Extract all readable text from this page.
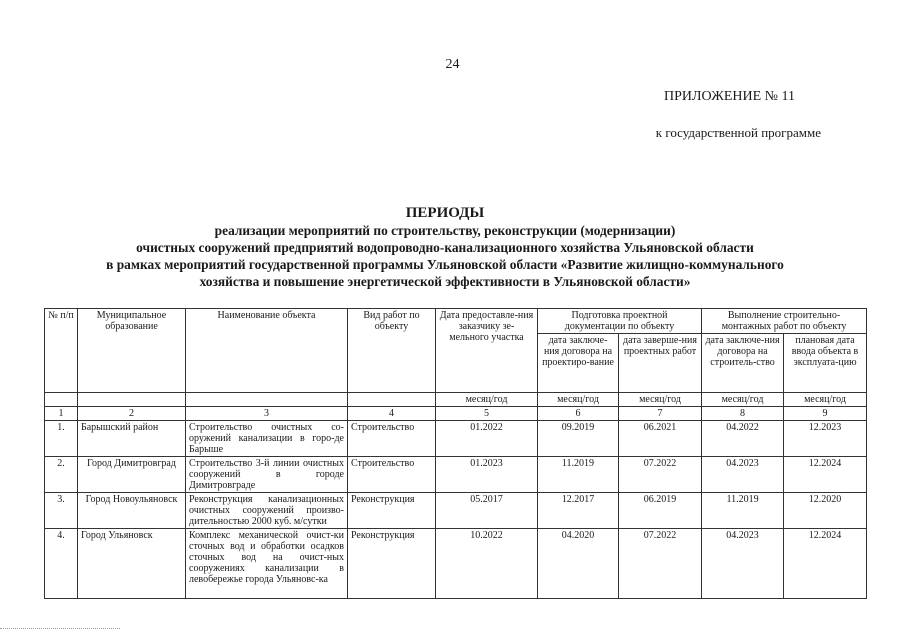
24
ПРИЛОЖЕНИЕ № 11
к государственной программе
ПЕРИОДЫ
реализации мероприятий по строительству, реконструкции (модернизации)
очистных сооружений предприятий водопроводно-канализационного хозяйства Ульяновской области
в рамках мероприятий государственной программы Ульяновской области «Развитие жилищно-коммунального
хозяйства и повышение энергетической эффективности в Ульяновской области»
№ п/п	Муниципальное образование	Наименование объекта	Вид работ по объекту	Дата предоставле-ния заказчику зе-мельного участка	Подготовка проектной документации по объекту		Выполнение строительно-монтажных работ по объекту	
					дата заключе-ния договора на проектиро-вание	дата заверше-ния проектных работ	дата заключе-ния договора на строитель-ство	плановая дата ввода объекта в эксплуата-цию
				месяц/год	месяц/год	месяц/год	месяц/год	месяц/год
1	2	3	4	5	6	7	8	9
1.	Барышский район	Строительство очистных со-оружений канализации в горо-де Барыше	Строительство	01.2022	09.2019	06.2021	04.2022	12.2023
2.	Город Димитровград	Строительство 3-й линии очистных сооружений в городе Димитровграде	Строительство	01.2023	11.2019	07.2022	04.2023	12.2024
3.	Город Новоульяновск	Реконструкция канализационных очистных сооружений произво-дительностью 2000 куб. м/сутки	Реконструкция	05.2017	12.2017	06.2019	11.2019	12.2020
4.	Город Ульяновск	Комплекс механической очист-ки сточных вод и обработки осадков сточных вод на очист-ных сооружениях канализации в левобережье города Ульяновс-ка	Реконструкция	10.2022	04.2020	07.2022	04.2023	12.2024
